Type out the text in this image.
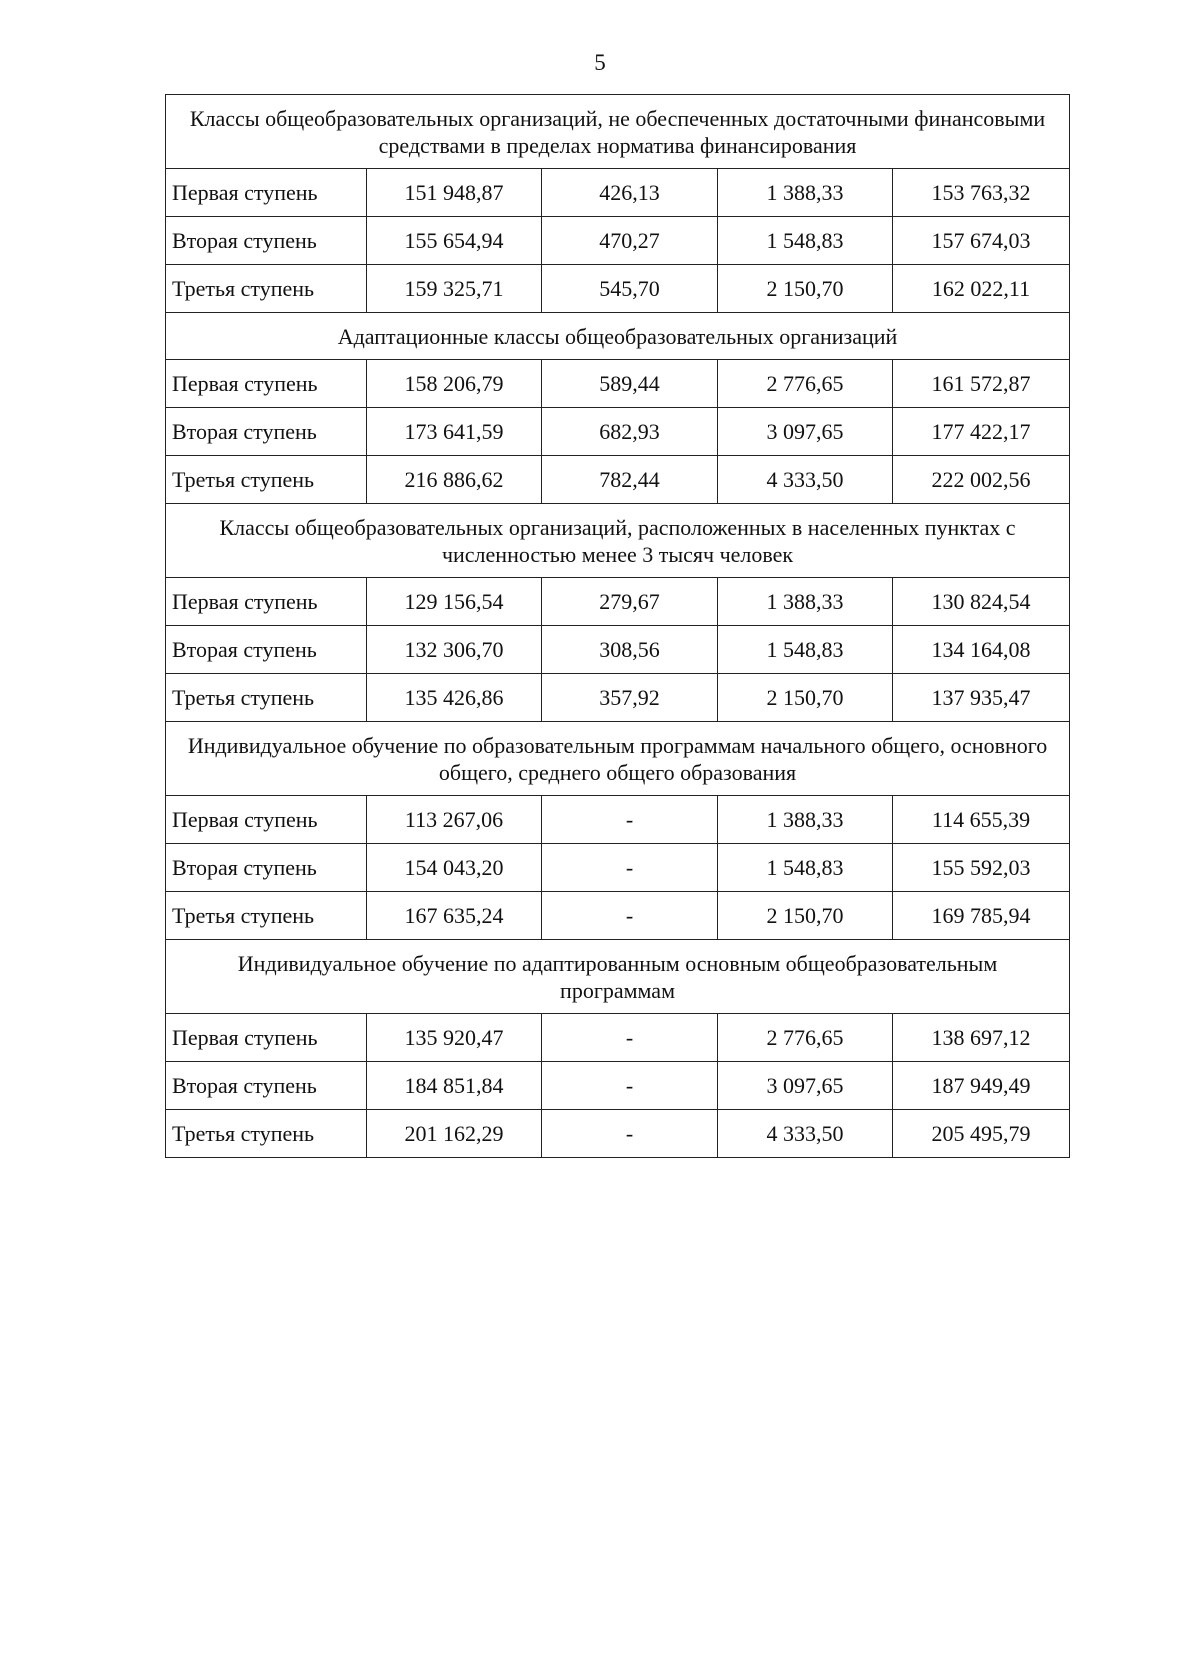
5
Классы общеобразовательных организаций, не обеспеченных достаточными финансовыми средствами в пределах норматива финансирования				
Первая ступень	151 948,87	426,13	1 388,33	153 763,32
Вторая ступень	155 654,94	470,27	1 548,83	157 674,03
Третья ступень	159 325,71	545,70	2 150,70	162 022,11
Адаптационные классы общеобразовательных организаций				
Первая ступень	158 206,79	589,44	2 776,65	161 572,87
Вторая ступень	173 641,59	682,93	3 097,65	177 422,17
Третья ступень	216 886,62	782,44	4 333,50	222 002,56
Классы общеобразовательных организаций, расположенных в населенных пунктах с численностью менее 3 тысяч человек				
Первая ступень	129 156,54	279,67	1 388,33	130 824,54
Вторая ступень	132 306,70	308,56	1 548,83	134 164,08
Третья ступень	135 426,86	357,92	2 150,70	137 935,47
Индивидуальное обучение по образовательным программам начального общего, основного общего, среднего общего образования				
Первая ступень	113 267,06	-	1 388,33	114 655,39
Вторая ступень	154 043,20	-	1 548,83	155 592,03
Третья ступень	167 635,24	-	2 150,70	169 785,94
Индивидуальное обучение по адаптированным основным общеобразовательным программам				
Первая ступень	135 920,47	-	2 776,65	138 697,12
Вторая ступень	184 851,84	-	3 097,65	187 949,49
Третья ступень	201 162,29	-	4 333,50	205 495,79
